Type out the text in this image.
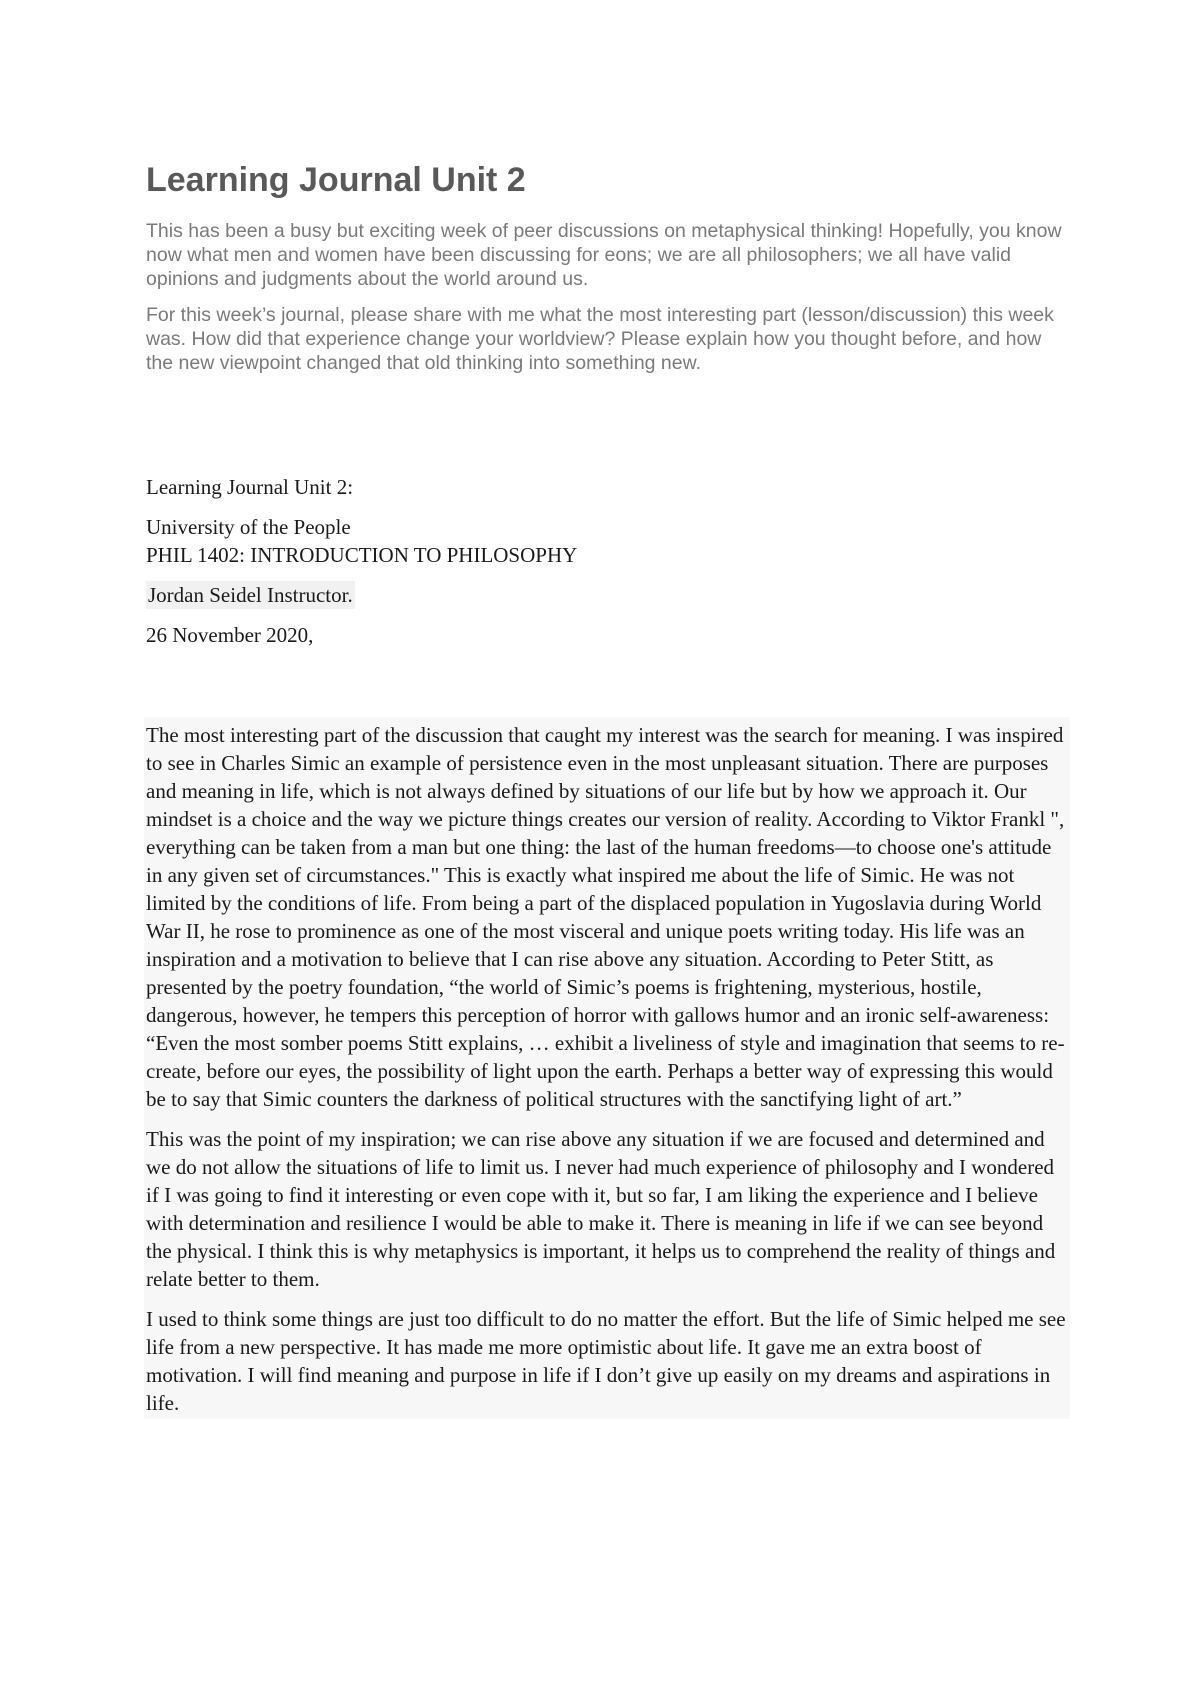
Learning Journal Unit 2

This has been a busy but exciting week of peer discussions on metaphysical thinking! Hopefully, you know now what men and women have been discussing for eons; we are all philosophers; we all have valid opinions and judgments about the world around us.

For this week’s journal, please share with me what the most interesting part (lesson/discussion) this week was. How did that experience change your worldview? Please explain how you thought before, and how the new viewpoint changed that old thinking into something new.

Learning Journal Unit 2:

University of the People

PHIL 1402: INTRODUCTION TO PHILOSOPHY

Jordan Seidel Instructor.

26 November 2020,

The most interesting part of the discussion that caught my interest was the search for meaning. I was inspired to see in Charles Simic an example of persistence even in the most unpleasant situation. There are purposes and meaning in life, which is not always defined by situations of our life but by how we approach it. Our mindset is a choice and the way we picture things creates our version of reality. According to Viktor Frankl ", everything can be taken from a man but one thing: the last of the human freedoms—to choose one's attitude in any given set of circumstances." This is exactly what inspired me about the life of Simic. He was not limited by the conditions of life. From being a part of the displaced population in Yugoslavia during World War II, he rose to prominence as one of the most visceral and unique poets writing today. His life was an inspiration and a motivation to believe that I can rise above any situation. According to Peter Stitt, as presented by the poetry foundation, “the world of Simic’s poems is frightening, mysterious, hostile, dangerous, however, he tempers this perception of horror with gallows humor and an ironic self-awareness: “Even the most somber poems Stitt explains, … exhibit a liveliness of style and imagination that seems to re-create, before our eyes, the possibility of light upon the earth. Perhaps a better way of expressing this would be to say that Simic counters the darkness of political structures with the sanctifying light of art.”

This was the point of my inspiration; we can rise above any situation if we are focused and determined and we do not allow the situations of life to limit us. I never had much experience of philosophy and I wondered if I was going to find it interesting or even cope with it, but so far, I am liking the experience and I believe with determination and resilience I would be able to make it. There is meaning in life if we can see beyond the physical. I think this is why metaphysics is important, it helps us to comprehend the reality of things and relate better to them.

I used to think some things are just too difficult to do no matter the effort. But the life of Simic helped me see life from a new perspective. It has made me more optimistic about life. It gave me an extra boost of motivation. I will find meaning and purpose in life if I don’t give up easily on my dreams and aspirations in life.
